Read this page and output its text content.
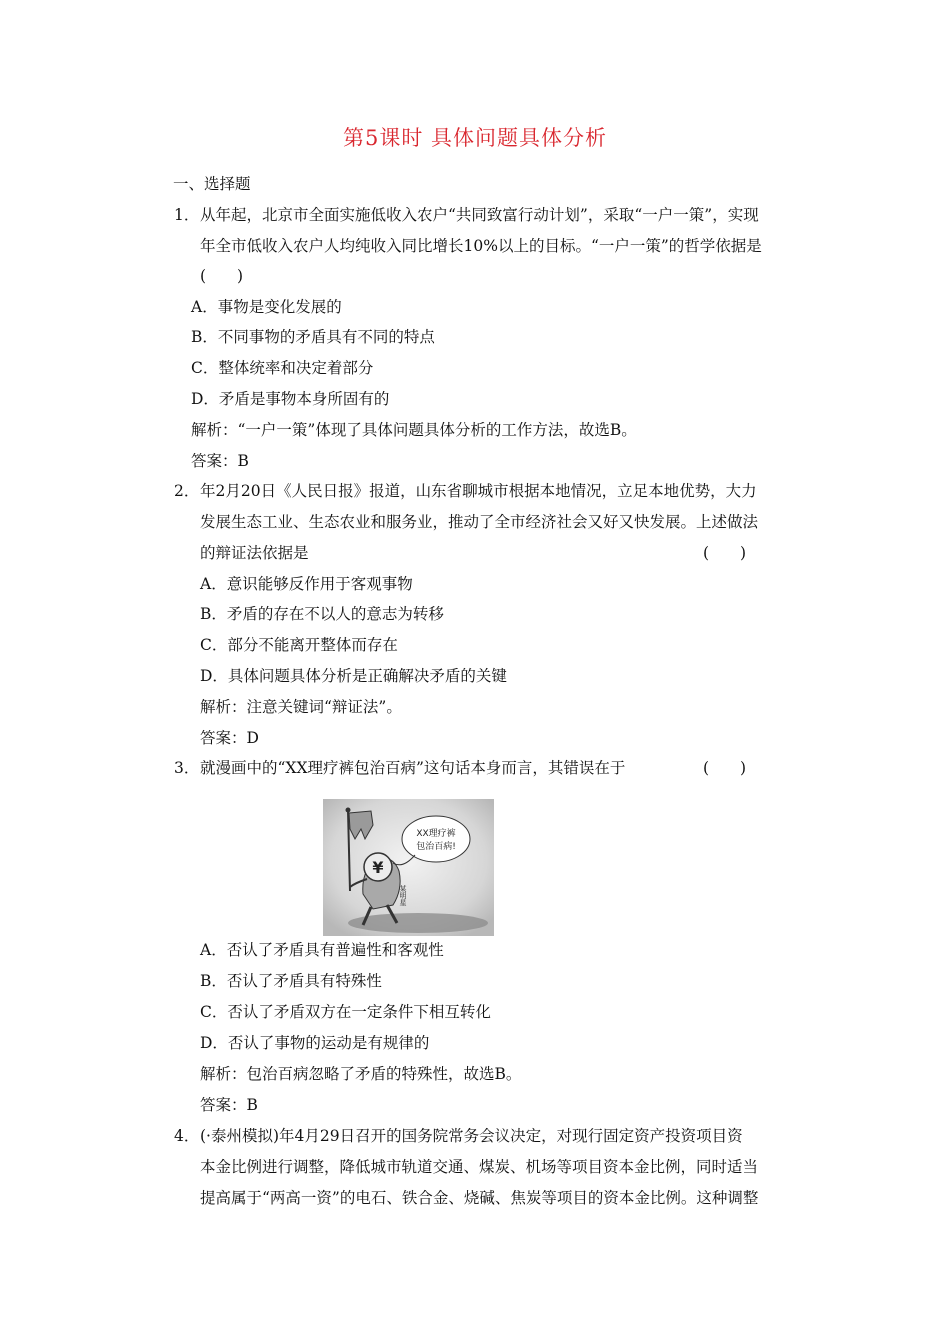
第5课时 具体问题具体分析
一、选择题
1．从年起，北京市全面实施低收入农户“共同致富行动计划”，采取“一户一策”，实现
年全市低收入农户人均纯收入同比增长10%以上的目标。“一户一策”的哲学依据是
(　　)
A．事物是变化发展的
B．不同事物的矛盾具有不同的特点
C．整体统率和决定着部分
D．矛盾是事物本身所固有的
解析：“一户一策”体现了具体问题具体分析的工作方法，故选B。
答案：B
2．年2月20日《人民日报》报道，山东省聊城市根据本地情况，立足本地优势，大力
发展生态工业、生态农业和服务业，推动了全市经济社会又好又快发展。上述做法
的辩证法依据是	(　　)
A．意识能够反作用于客观事物
B．矛盾的存在不以人的意志为转移
C．部分不能离开整体而存在
D．具体问题具体分析是正确解决矛盾的关键
解析：注意关键词“辩证法”。
答案：D
3．就漫画中的“XX理疗裤包治百病”这句话本身而言，其错误在于	(　　)
¥
某明星
XX理疗裤
包治百病!
A．否认了矛盾具有普遍性和客观性
B．否认了矛盾具有特殊性
C．否认了矛盾双方在一定条件下相互转化
D．否认了事物的运动是有规律的
解析：包治百病忽略了矛盾的特殊性，故选B。
答案：B
4．(·泰州模拟)年4月29日召开的国务院常务会议决定，对现行固定资产投资项目资
本金比例进行调整，降低城市轨道交通、煤炭、机场等项目资本金比例，同时适当
提高属于“两高一资”的电石、铁合金、烧碱、焦炭等项目的资本金比例。这种调整
